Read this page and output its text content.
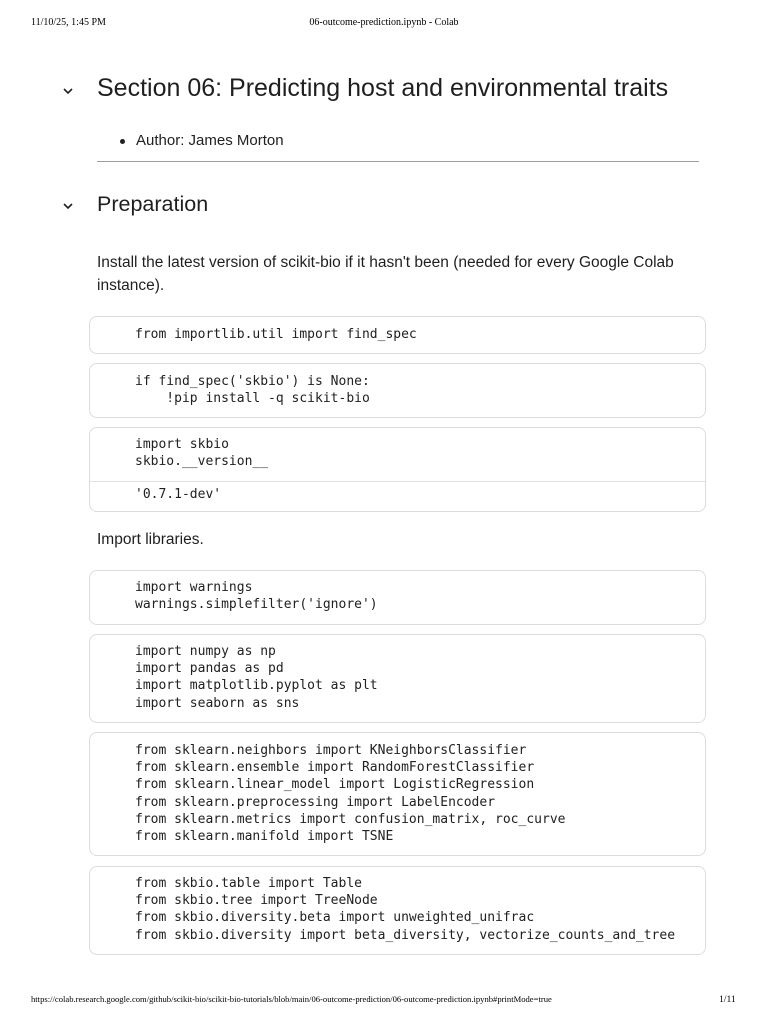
11/10/25, 1:45 PM	06-outcome-prediction.ipynb - Colab
Section 06: Predicting host and environmental traits
Author: James Morton
Preparation
Install the latest version of scikit-bio if it hasn't been (needed for every Google Colab instance).
from importlib.util import find_spec
if find_spec('skbio') is None:
!pip install -q scikit-bio
import skbio
skbio.__version__
'0.7.1-dev'
Import libraries.
import warnings
warnings.simplefilter('ignore')
import numpy as np
import pandas as pd
import matplotlib.pyplot as plt
import seaborn as sns
from sklearn.neighbors import KNeighborsClassifier
from sklearn.ensemble import RandomForestClassifier
from sklearn.linear_model import LogisticRegression
from sklearn.preprocessing import LabelEncoder
from sklearn.metrics import confusion_matrix, roc_curve
from sklearn.manifold import TSNE
from skbio.table import Table
from skbio.tree import TreeNode
from skbio.diversity.beta import unweighted_unifrac
from skbio.diversity import beta_diversity, vectorize_counts_and_tree
https://colab.research.google.com/github/scikit-bio/scikit-bio-tutorials/blob/main/06-outcome-prediction/06-outcome-prediction.ipynb#printMode=true	1/11
